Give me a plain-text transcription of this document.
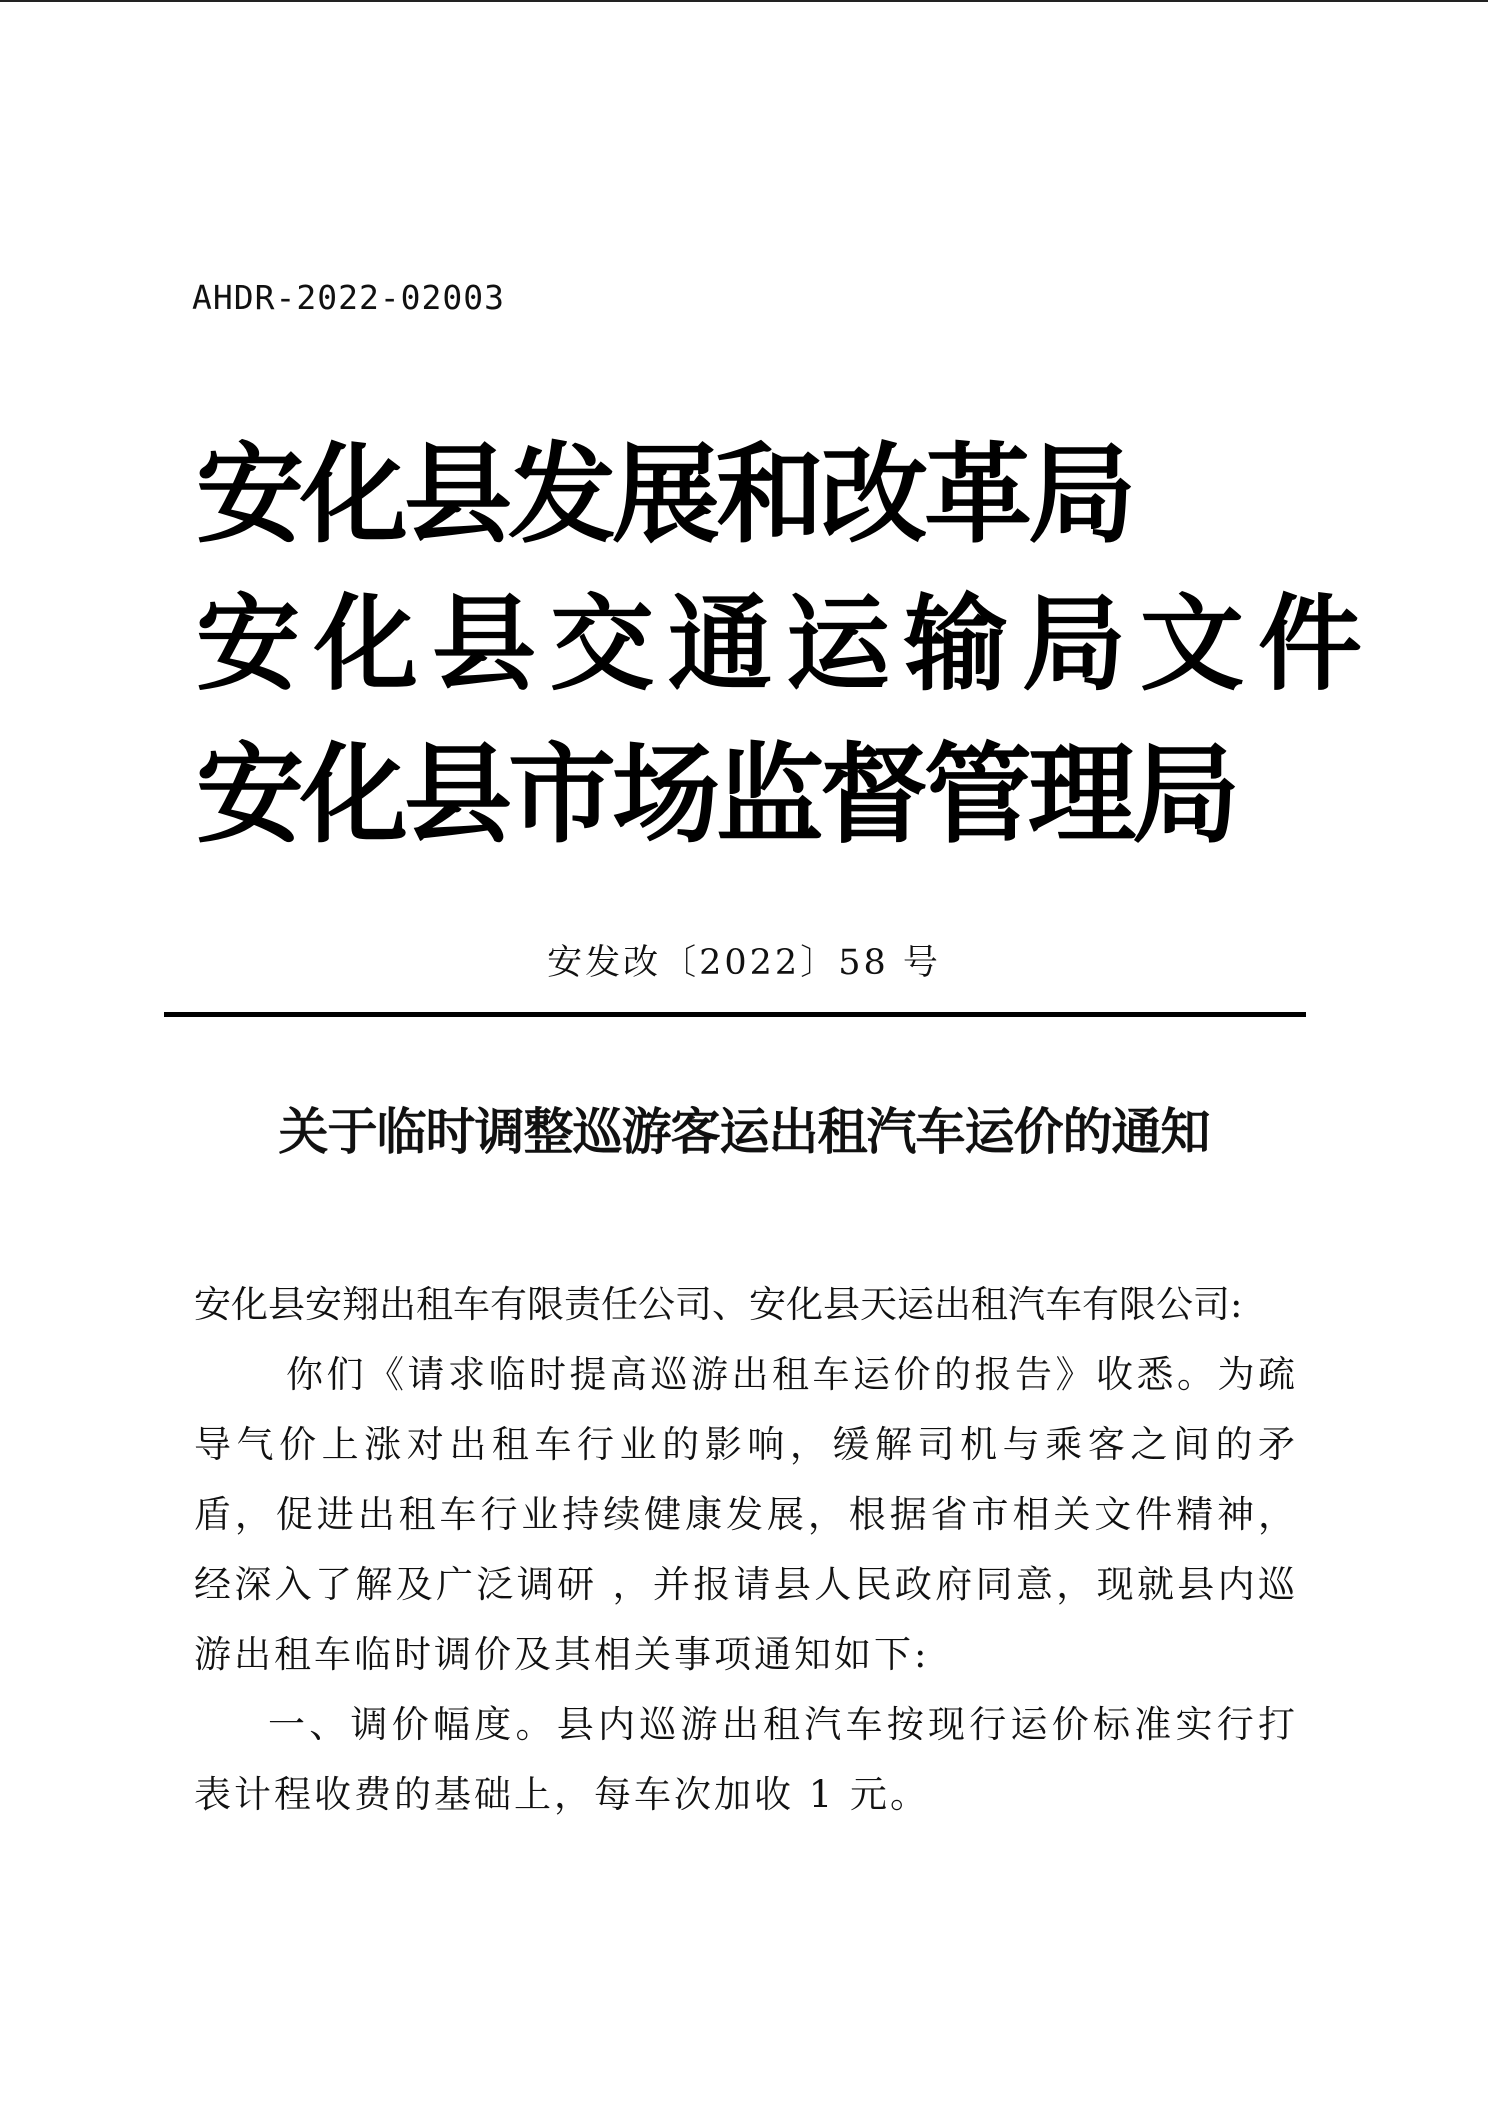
AHDR-2022-02003
安化县发展和改革局
安化县交通运输局文件
安化县市场监督管理局
安发改〔2022〕58 号
关于临时调整巡游客运出租汽车运价的通知

安化县安翔出租车有限责任公司、安化县天运出租汽车有限公司:

你们《请求临时提高巡游出租车运价的报告》收悉。为疏导气价上涨对出租车行业的影响，缓解司机与乘客之间的矛盾，促进出租车行业持续健康发展，根据省市相关文件精神，经深入了解及广泛调研 ，并报请县人民政府同意，现就县内巡游出租车临时调价及其相关事项通知如下:

一、调价幅度。县内巡游出租汽车按现行运价标准实行打表计程收费的基础上，每车次加收 1 元。
